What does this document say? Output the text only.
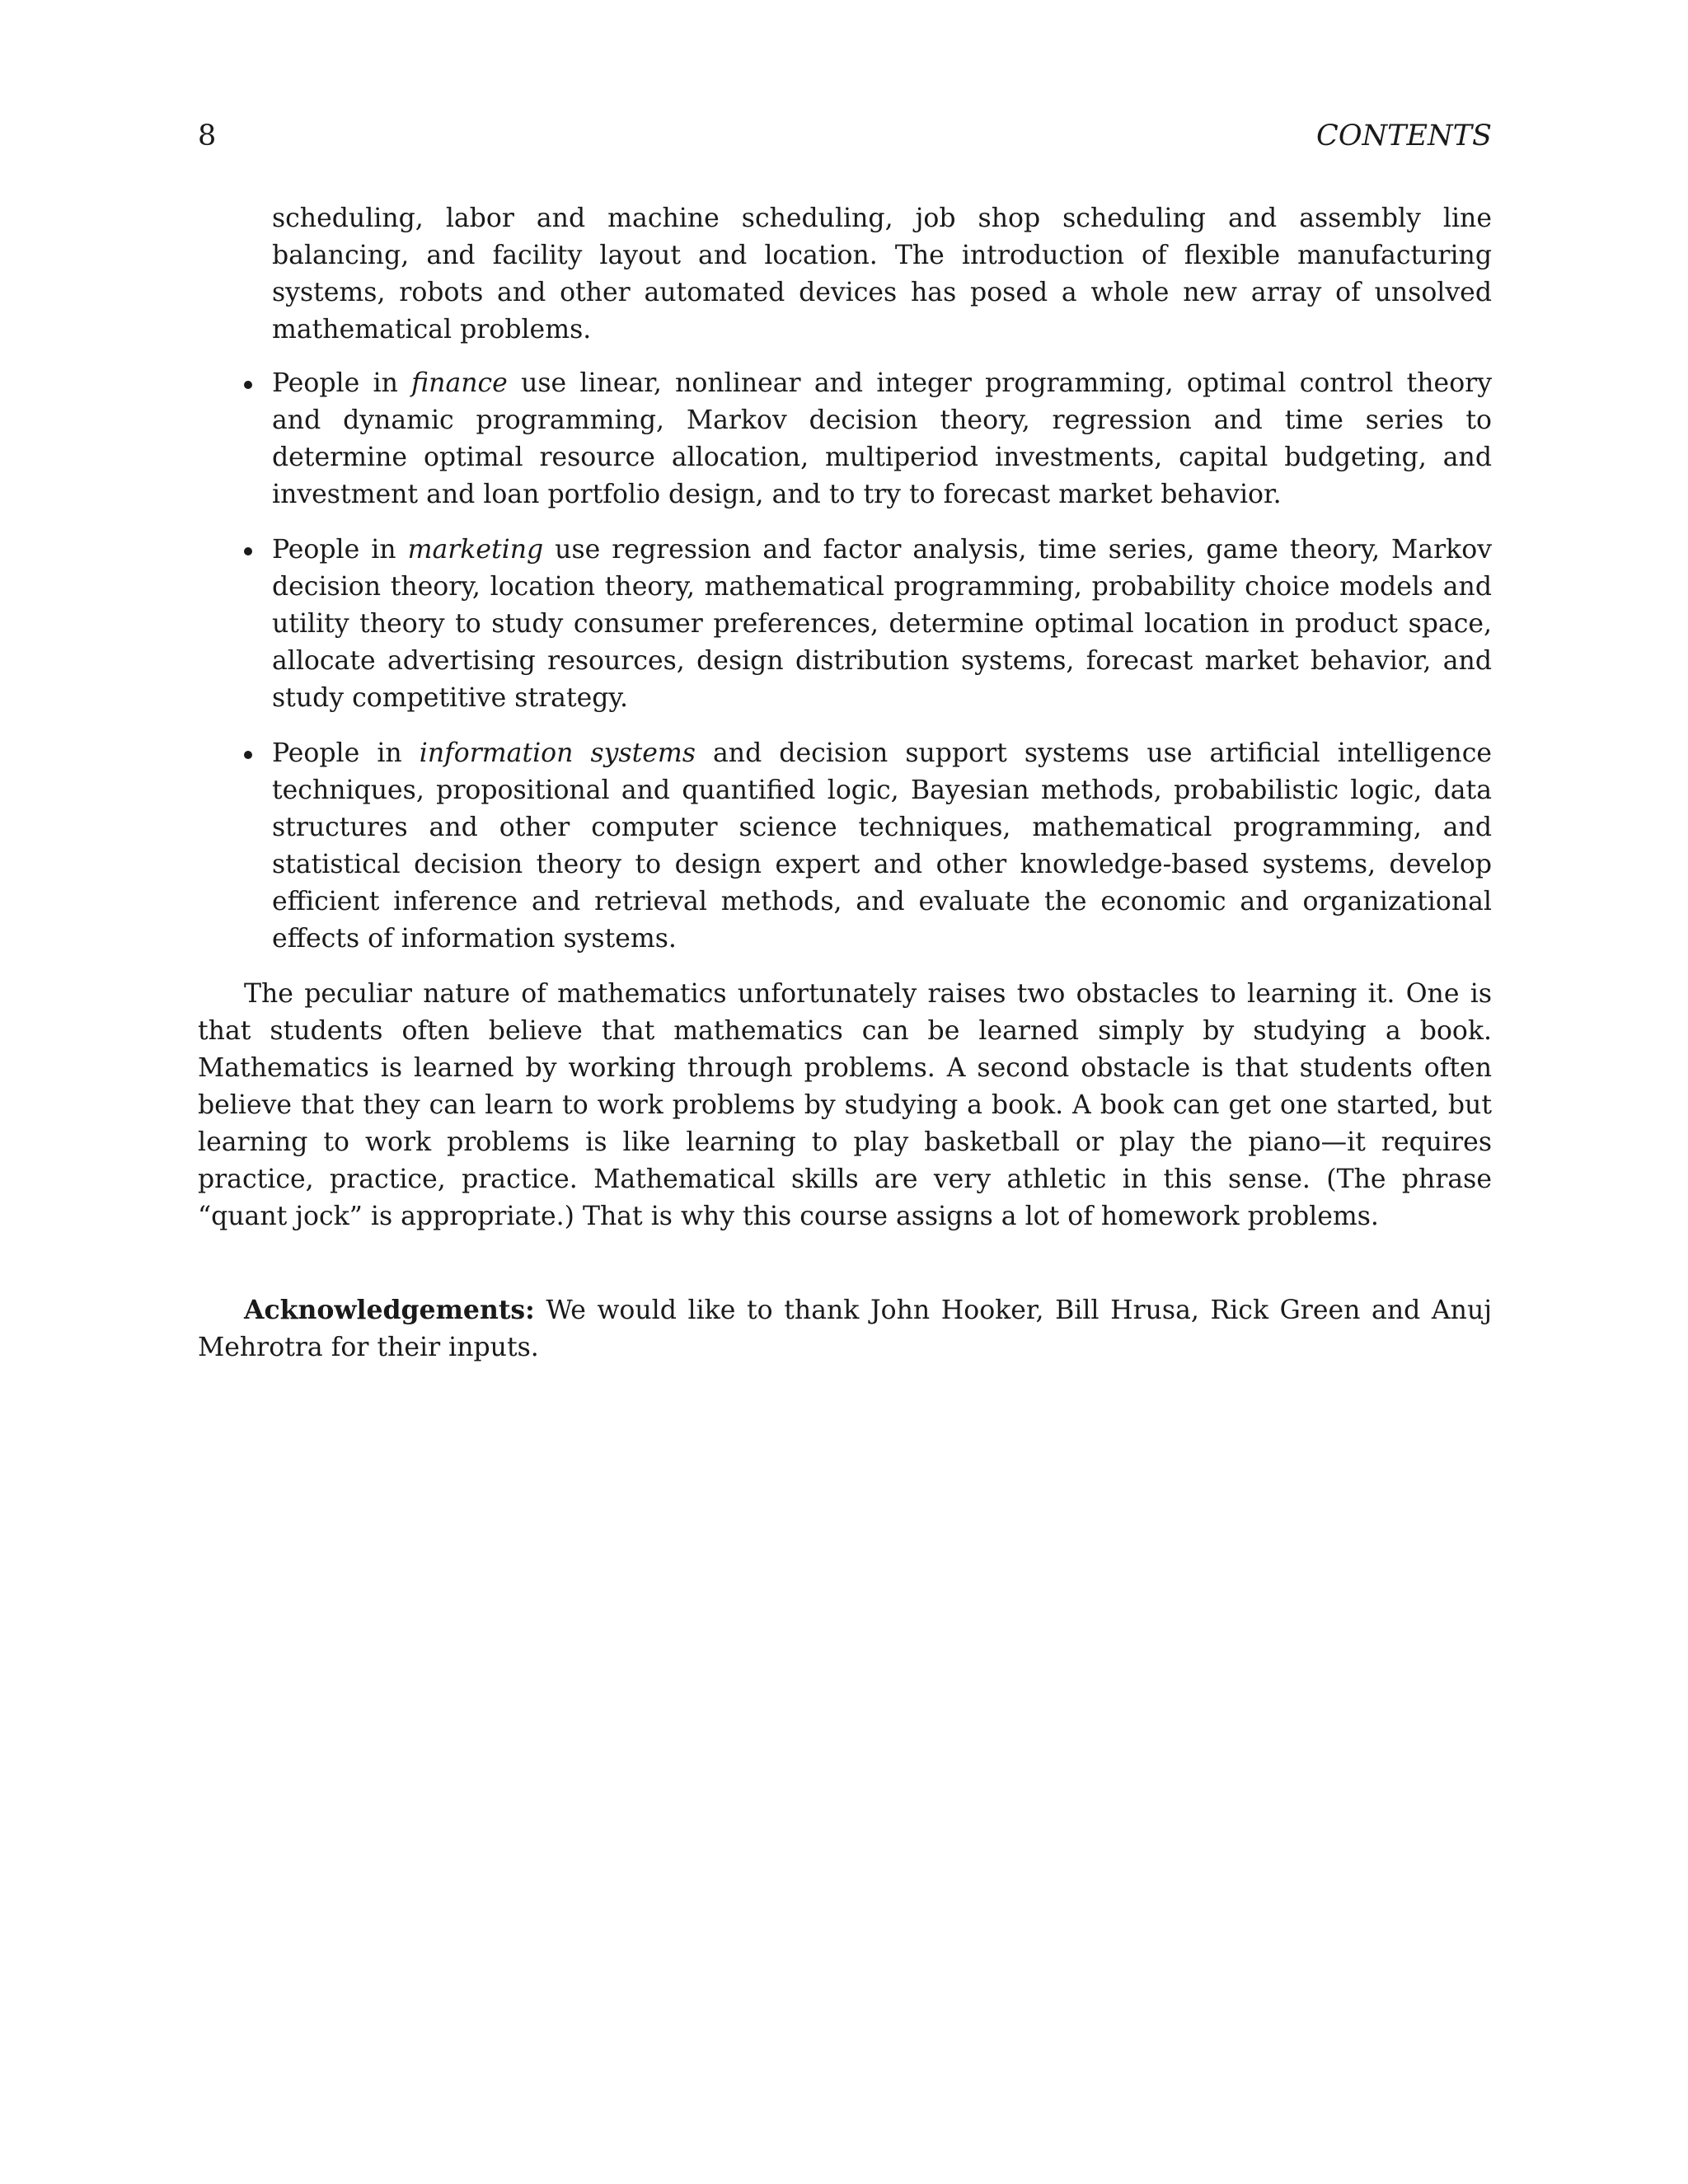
8	CONTENTS

scheduling, labor and machine scheduling, job shop scheduling and assembly line balancing, and facility layout and location. The introduction of flexible manufacturing systems, robots and other automated devices has posed a whole new array of unsolved mathematical problems.

People in finance use linear, nonlinear and integer programming, optimal control theory and dynamic programming, Markov decision theory, regression and time series to determine optimal resource allocation, multiperiod investments, capital budgeting, and investment and loan portfolio design, and to try to forecast market behavior.
People in marketing use regression and factor analysis, time series, game theory, Markov decision theory, location theory, mathematical programming, probability choice models and utility theory to study consumer preferences, determine optimal location in product space, allocate advertising resources, design distribution systems, forecast market behavior, and study competitive strategy.
People in information systems and decision support systems use artificial intelligence techniques, propositional and quantified logic, Bayesian methods, probabilistic logic, data structures and other computer science techniques, mathematical programming, and statistical decision theory to design expert and other knowledge-based systems, develop efficient inference and retrieval methods, and evaluate the economic and organizational effects of information systems.

The peculiar nature of mathematics unfortunately raises two obstacles to learning it. One is that students often believe that mathematics can be learned simply by studying a book. Mathematics is learned by working through problems. A second obstacle is that students often believe that they can learn to work problems by studying a book. A book can get one started, but learning to work problems is like learning to play basketball or play the piano—it requires practice, practice, practice. Mathematical skills are very athletic in this sense. (The phrase “quant jock” is appropriate.) That is why this course assigns a lot of homework problems.

Acknowledgements: We would like to thank John Hooker, Bill Hrusa, Rick Green and Anuj Mehrotra for their inputs.
